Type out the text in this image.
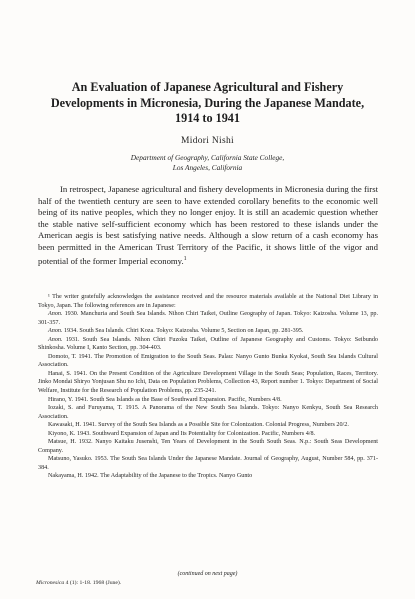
An Evaluation of Japanese Agricultural and Fishery Developments in Micronesia, During the Japanese Mandate, 1914 to 1941
Midori Nishi
Department of Geography, California State College,
Los Angeles, California

In retrospect, Japanese agricultural and fishery developments in Micronesia during the first half of the twentieth century are seen to have extended corollary benefits to the economic well being of its native peoples, which they no longer enjoy. It is still an academic question whether the stable native self-sufficient economy which has been restored to these islands under the American aegis is best satisfying native needs. Although a slow return of a cash economy has been permitted in the American Trust Territory of the Pacific, it shows little of the vigor and potential of the former Imperial economy.$^1$

¹ The writer gratefully acknowledges the assistance received and the resource materials available at the National Diet Library in Tokyo, Japan. The following references are in Japanese:

Anon. 1930. Manchuria and South Sea Islands. Nihon Chiri Taikei, Outline Geography of Japan. Tokyo: Kaizosha. Volume 13, pp. 301-357.

Anon. 1934. South Sea Islands. Chiri Koza. Tokyo: Kaizosha. Volume 5, Section on Japan, pp. 281-395.

Anon. 1931. South Sea Islands. Nihon Chiri Fuzoku Taikei, Outline of Japanese Geography and Customs. Tokyo: Seibundo Shinkosha. Volume I, Kanto Section, pp. 304-403.

Domoto, T. 1941. The Promotion of Emigration to the South Seas. Palau: Nanyo Gunto Bunka Kyokai, South Sea Islands Cultural Association.

Hanai, S. 1941. On the Present Condition of the Agriculture Development Village in the South Seas; Population, Races, Territory. Jinko Mondai Shiryo Yonjusan Shu no Ichi, Data on Population Problems, Collection 43, Report number 1. Tokyo: Department of Social Welfare, Institute for the Research of Population Problems, pp. 235-241.

Hirano, Y. 1941. South Sea Islands as the Base of Southward Expansion. Pacific, Numbers 4/8.

Iozaki, S. and Furuyama, T. 1915. A Panorama of the New South Sea Islands. Tokyo: Nanyo Kenkyu, South Sea Research Association.

Kawasaki, H. 1941. Survey of the South Sea Islands as a Possible Site for Colonization. Colonial Progress, Numbers 20/2.

Kiyono, K. 1943. Southward Expansion of Japan and Its Potentiality for Colonization. Pacific, Numbers 4/8.

Matsue, H. 1932. Nanyo Kaitaku Jusenshi, Ten Years of Development in the South South Seas. N.p.: South Seas Development Company.

Matsuno, Yasuko. 1953. The South Sea Islands Under the Japanese Mandate. Journal of Geography, August, Number 584, pp. 371-384.

Nakayama, H. 1942. The Adaptability of the Japanese to the Tropics. Nanyo Gunto

(continued on next page)
Micronesica 4 (1): 1-18. 1968 (June).
